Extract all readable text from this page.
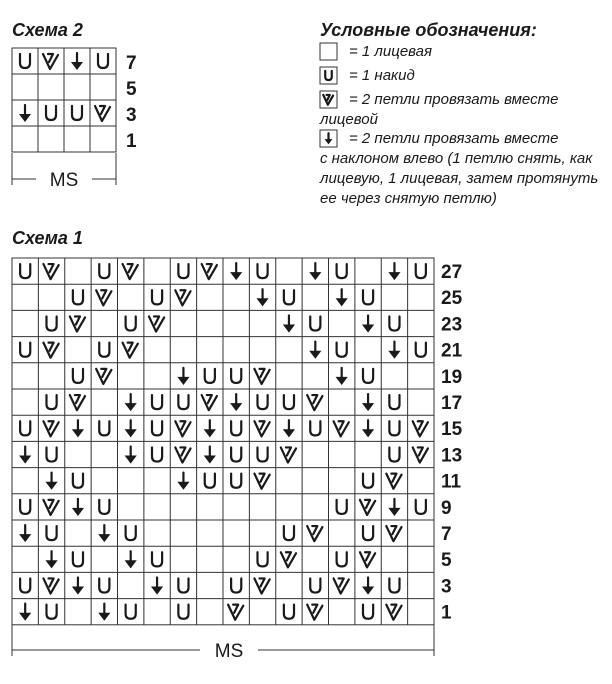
Схема 2
7
5
3
1
MS
Условные обозначения:
= 1 лицевая
= 1 накид
= 2 петли провязать вместе
лицевой
= 2 петли провязать вместе
с наклоном влево (1 петлю снять, как
лицевую, 1 лицевая, затем протянуть
ее через снятую петлю)
Схема 1
27
25
23
21
19
17
15
13
11
9
7
5
3
1
MS
